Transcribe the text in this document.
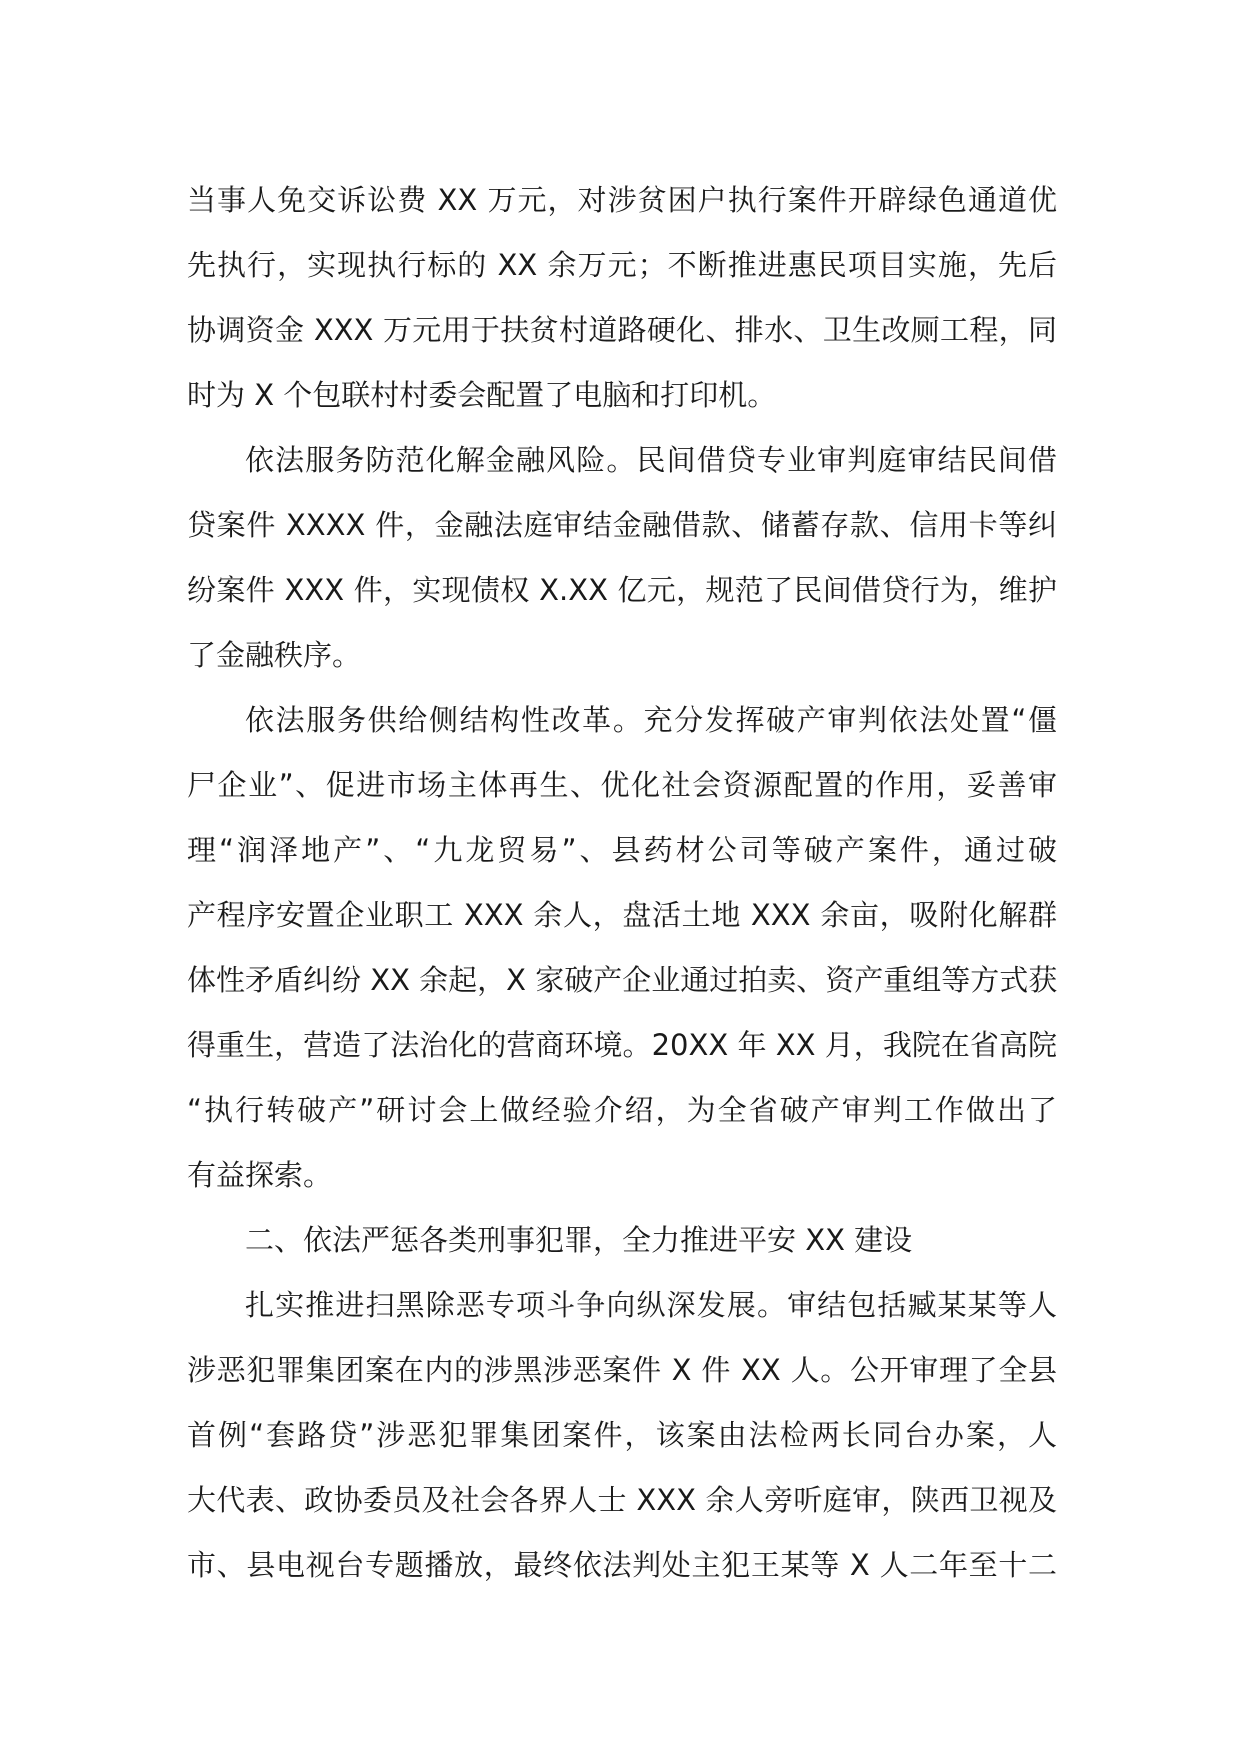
当事人免交诉讼费 XX 万元，对涉贫困户执行案件开辟绿色通道优
先执行，实现执行标的 XX 余万元；不断推进惠民项目实施，先后
协调资金 XXX 万元用于扶贫村道路硬化、排水、卫生改厕工程，同
时为 X 个包联村村委会配置了电脑和打印机。
依法服务防范化解金融风险。民间借贷专业审判庭审结民间借
贷案件 XXXX 件，金融法庭审结金融借款、储蓄存款、信用卡等纠
纷案件 XXX 件，实现债权 X.XX 亿元，规范了民间借贷行为，维护
了金融秩序。
依法服务供给侧结构性改革。充分发挥破产审判依法处置“僵
尸企业”、促进市场主体再生、优化社会资源配置的作用，妥善审
理“润泽地产”、“九龙贸易”、县药材公司等破产案件，通过破
产程序安置企业职工 XXX 余人，盘活土地 XXX 余亩，吸附化解群
体性矛盾纠纷 XX 余起，X 家破产企业通过拍卖、资产重组等方式获
得重生，营造了法治化的营商环境。20XX 年 XX 月，我院在省高院
“执行转破产”研讨会上做经验介绍，为全省破产审判工作做出了
有益探索。
二、依法严惩各类刑事犯罪，全力推进平安 XX 建设
扎实推进扫黑除恶专项斗争向纵深发展。审结包括臧某某等人
涉恶犯罪集团案在内的涉黑涉恶案件 X 件 XX 人。公开审理了全县
首例“套路贷”涉恶犯罪集团案件，该案由法检两长同台办案，人
大代表、政协委员及社会各界人士 XXX 余人旁听庭审，陕西卫视及
市、县电视台专题播放，最终依法判处主犯王某等 X 人二年至十二
